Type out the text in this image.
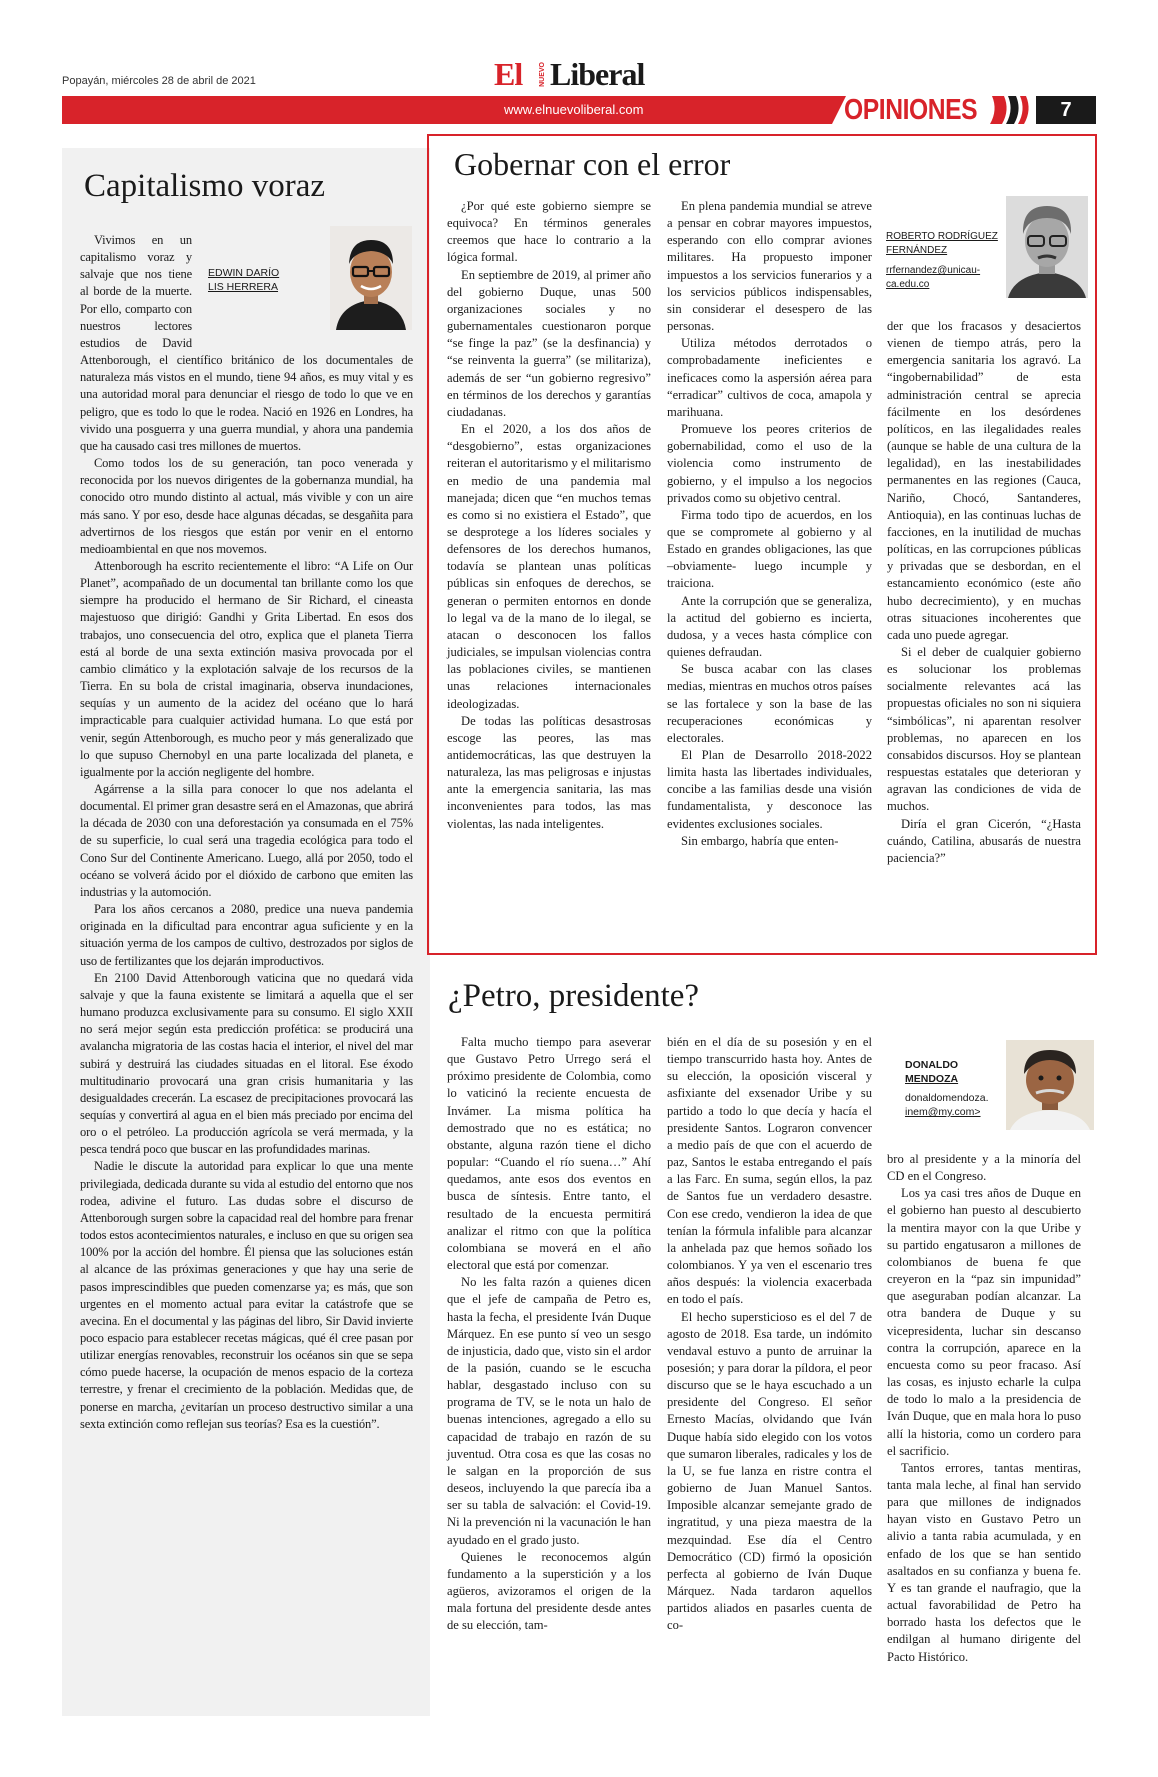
Popayán, miércoles 28 de abril de 2021	El NUEVO Liberal
www.elnuevoliberal.com	OPINIONES	7
Capitalismo voraz
EDWIN DARÍO
LIS HERRERA

Vivimos en un capitalismo voraz y salvaje que nos tiene al borde de la muerte. Por ello, comparto con nuestros lectores estudios de David Attenborough, el científico británico de los documentales de naturaleza más vistos en el mundo, tiene 94 años, es muy vital y es una autoridad moral para denunciar el riesgo de todo lo que ve en peligro, que es todo lo que le rodea. Nació en 1926 en Londres, ha vivido una posguerra y una guerra mundial, y ahora una pandemia que ha causado casi tres millones de muertos.

Como todos los de su generación, tan poco venerada y reconocida por los nuevos dirigentes de la gobernanza mundial, ha conocido otro mundo distinto al actual, más vivible y con un aire más sano. Y por eso, desde hace algunas décadas, se desgañita para advertirnos de los riesgos que están por venir en el entorno medioambiental en que nos movemos.

Attenborough ha escrito recientemente el libro: “A Life on Our Planet”, acompañado de un documental tan brillante como los que siempre ha producido el hermano de Sir Richard, el cineasta majestuoso que dirigió: Gandhi y Grita Libertad. En esos dos trabajos, uno consecuencia del otro, explica que el planeta Tierra está al borde de una sexta extinción masiva provocada por el cambio climático y la explotación salvaje de los recursos de la Tierra. En su bola de cristal imaginaria, observa inundaciones, sequías y un aumento de la acidez del océano que lo hará impracticable para cualquier actividad humana. Lo que está por venir, según Attenborough, es mucho peor y más generalizado que lo que supuso Chernobyl en una parte localizada del planeta, e igualmente por la acción negligente del hombre.

Agárrense a la silla para conocer lo que nos adelanta el documental. El primer gran desastre será en el Amazonas, que abrirá la década de 2030 con una deforestación ya consumada en el 75% de su superficie, lo cual será una tragedia ecológica para todo el Cono Sur del Continente Americano. Luego, allá por 2050, todo el océano se volverá ácido por el dióxido de carbono que emiten las industrias y la automoción.

Para los años cercanos a 2080, predice una nueva pandemia originada en la dificultad para encontrar agua suficiente y en la situación yerma de los campos de cultivo, destrozados por siglos de uso de fertilizantes que los dejarán improductivos.

En 2100 David Attenborough vaticina que no quedará vida salvaje y que la fauna existente se limitará a aquella que el ser humano produzca exclusivamente para su consumo. El siglo XXII no será mejor según esta predicción profética: se producirá una avalancha migratoria de las costas hacia el interior, el nivel del mar subirá y destruirá las ciudades situadas en el litoral. Ese éxodo multitudinario provocará una gran crisis humanitaria y las desigualdades crecerán. La escasez de precipitaciones provocará las sequías y convertirá al agua en el bien más preciado por encima del oro o el petróleo. La producción agrícola se verá mermada, y la pesca tendrá poco que buscar en las profundidades marinas.

Nadie le discute la autoridad para explicar lo que una mente privilegiada, dedicada durante su vida al estudio del entorno que nos rodea, adivine el futuro. Las dudas sobre el discurso de Attenborough surgen sobre la capacidad real del hombre para frenar todos estos acontecimientos naturales, e incluso en que su origen sea 100% por la acción del hombre. Él piensa que las soluciones están al alcance de las próximas generaciones y que hay una serie de pasos imprescindibles que pueden comenzarse ya; es más, que son urgentes en el momento actual para evitar la catástrofe que se avecina. En el documental y las páginas del libro, Sir David invierte poco espacio para establecer recetas mágicas, qué él cree pasan por utilizar energías renovables, reconstruir los océanos sin que se sepa cómo puede hacerse, la ocupación de menos espacio de la corteza terrestre, y frenar el crecimiento de la población. Medidas que, de ponerse en marcha, ¿evitarían un proceso destructivo similar a una sexta extinción como reflejan sus teorías? Esa es la cuestión”.

Gobernar con el error

¿Por qué este gobierno siempre se equivoca? En términos generales creemos que hace lo contrario a la lógica formal.

En septiembre de 2019, al primer año del gobierno Duque, unas 500 organizaciones sociales y no gubernamentales cuestionaron porque “se finge la paz” (se la desfinancia) y “se reinventa la guerra” (se militariza), además de ser “un gobierno regresivo” en términos de los derechos y garantías ciudadanas.

En el 2020, a los dos años de “desgobierno”, estas organizaciones reiteran el autoritarismo y el militarismo en medio de una pandemia mal manejada; dicen que “en muchos temas es como si no existiera el Estado”, que se desprotege a los líderes sociales y defensores de los derechos humanos, todavía se plantean unas políticas públicas sin enfoques de derechos, se generan o permiten entornos en donde lo legal va de la mano de lo ilegal, se atacan o desconocen los fallos judiciales, se impulsan violencias contra las poblaciones civiles, se mantienen unas relaciones internacionales ideologizadas.

De todas las políticas desastrosas escoge las peores, las mas antidemocráticas, las que destruyen la naturaleza, las mas peligrosas e injustas ante la emergencia sanitaria, las mas inconvenientes para todos, las mas violentas, las nada inteligentes.

En plena pandemia mundial se atreve a pensar en cobrar mayores impuestos, esperando con ello comprar aviones militares. Ha propuesto imponer impuestos a los servicios funerarios y a los servicios públicos indispensables, sin considerar el desespero de las personas.

Utiliza métodos derrotados o comprobadamente ineficientes e ineficaces como la aspersión aérea para “erradicar” cultivos de coca, amapola y marihuana.

Promueve los peores criterios de gobernabilidad, como el uso de la violencia como instrumento de gobierno, y el impulso a los negocios privados como su objetivo central.

Firma todo tipo de acuerdos, en los que se compromete al gobierno y al Estado en grandes obligaciones, las que –obviamente- luego incumple y traiciona.

Ante la corrupción que se generaliza, la actitud del gobierno es incierta, dudosa, y a veces hasta cómplice con quienes defraudan.

Se busca acabar con las clases medias, mientras en muchos otros países se las fortalece y son la base de las recuperaciones económicas y electorales.

El Plan de Desarrollo 2018-2022 limita hasta las libertades individuales, concibe a las familias desde una visión fundamentalista, y desconoce las evidentes exclusiones sociales.

Sin embargo, habría que enten-

ROBERTO RODRÍGUEZ
FERNÁNDEZ
rrfernandez@unicau-
ca.edu.co

der que los fracasos y desaciertos vienen de tiempo atrás, pero la emergencia sanitaria los agravó. La “ingobernabilidad” de esta administración central se aprecia fácilmente en los desórdenes políticos, en las ilegalidades reales (aunque se hable de una cultura de la legalidad), en las inestabilidades permanentes en las regiones (Cauca, Nariño, Chocó, Santanderes, Antioquia), en las continuas luchas de facciones, en la inutilidad de muchas políticas, en las corrupciones públicas y privadas que se desbordan, en el estancamiento económico (este año hubo decrecimiento), y en muchas otras situaciones incoherentes que cada uno puede agregar.

Si el deber de cualquier gobierno es solucionar los problemas socialmente relevantes acá las propuestas oficiales no son ni siquiera “simbólicas”, ni aparentan resolver problemas, no aparecen en los consabidos discursos. Hoy se plantean respuestas estatales que deterioran y agravan las condiciones de vida de muchos.

Diría el gran Cicerón, “¿Hasta cuándo, Catilina, abusarás de nuestra paciencia?”

¿Petro, presidente?

Falta mucho tiempo para aseverar que Gustavo Petro Urrego será el próximo presidente de Colombia, como lo vaticinó la reciente encuesta de Invámer. La misma política ha demostrado que no es estática; no obstante, alguna razón tiene el dicho popular: “Cuando el río suena…” Ahí quedamos, ante esos dos eventos en busca de síntesis. Entre tanto, el resultado de la encuesta permitirá analizar el ritmo con que la política colombiana se moverá en el año electoral que está por comenzar.

No les falta razón a quienes dicen que el jefe de campaña de Petro es, hasta la fecha, el presidente Iván Duque Márquez. En ese punto sí veo un sesgo de injusticia, dado que, visto sin el ardor de la pasión, cuando se le escucha hablar, desgastado incluso con su programa de TV, se le nota un halo de buenas intenciones, agregado a ello su capacidad de trabajo en razón de su juventud. Otra cosa es que las cosas no le salgan en la proporción de sus deseos, incluyendo la que parecía iba a ser su tabla de salvación: el Covid-19. Ni la prevención ni la vacunación le han ayudado en el grado justo.

Quienes le reconocemos algún fundamento a la superstición y a los agüeros, avizoramos el origen de la mala fortuna del presidente desde antes de su elección, tam-

bién en el día de su posesión y en el tiempo transcurrido hasta hoy. Antes de su elección, la oposición visceral y asfixiante del exsenador Uribe y su partido a todo lo que decía y hacía el presidente Santos. Lograron convencer a medio país de que con el acuerdo de paz, Santos le estaba entregando el país a las Farc. En suma, según ellos, la paz de Santos fue un verdadero desastre. Con ese credo, vendieron la idea de que tenían la fórmula infalible para alcanzar la anhelada paz que hemos soñado los colombianos. Y ya ven el escenario tres años después: la violencia exacerbada en todo el país.

El hecho supersticioso es el del 7 de agosto de 2018. Esa tarde, un indómito vendaval estuvo a punto de arruinar la posesión; y para dorar la píldora, el peor discurso que se le haya escuchado a un presidente del Congreso. El señor Ernesto Macías, olvidando que Iván Duque había sido elegido con los votos que sumaron liberales, radicales y los de la U, se fue lanza en ristre contra el gobierno de Juan Manuel Santos. Imposible alcanzar semejante grado de ingratitud, y una pieza maestra de la mezquindad. Ese día el Centro Democrático (CD) firmó la oposición perfecta al gobierno de Iván Duque Márquez. Nada tardaron aquellos partidos aliados en pasarles cuenta de co-

DONALDO
MENDOZA
donaldomendoza.
inem@my.com>

bro al presidente y a la minoría del CD en el Congreso.

Los ya casi tres años de Duque en el gobierno han puesto al descubierto la mentira mayor con la que Uribe y su partido engatusaron a millones de colombianos de buena fe que creyeron en la “paz sin impunidad” que aseguraban podían alcanzar. La otra bandera de Duque y su vicepresidenta, luchar sin descanso contra la corrupción, aparece en la encuesta como su peor fracaso. Así las cosas, es injusto echarle la culpa de todo lo malo a la presidencia de Iván Duque, que en mala hora lo puso allí la historia, como un cordero para el sacrificio.

Tantos errores, tantas mentiras, tanta mala leche, al final han servido para que millones de indignados hayan visto en Gustavo Petro un alivio a tanta rabia acumulada, y en enfado de los que se han sentido asaltados en su confianza y buena fe. Y es tan grande el naufragio, que la actual favorabilidad de Petro ha borrado hasta los defectos que le endilgan al humano dirigente del Pacto Histórico.
